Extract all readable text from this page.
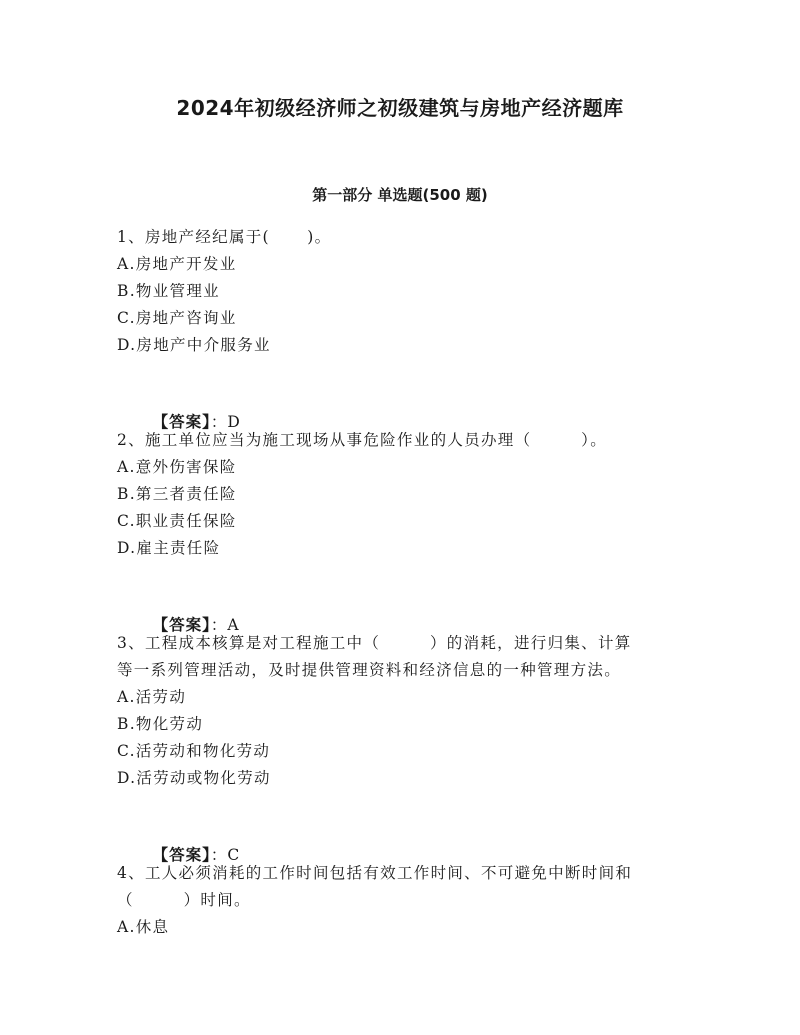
2024年初级经济师之初级建筑与房地产经济题库
第一部分 单选题(500 题)
1、房地产经纪属于(      )。
A.房地产开发业
B.物业管理业
C.房地产咨询业
D.房地产中介服务业

【答案】：D

2、施工单位应当为施工现场从事危险作业的人员办理（        ）。
A.意外伤害保险
B.第三者责任险
C.职业责任保险
D.雇主责任险

【答案】：A

3、工程成本核算是对工程施工中（        ）的消耗，进行归集、计算
等一系列管理活动，及时提供管理资料和经济信息的一种管理方法。
A.活劳动
B.物化劳动
C.活劳动和物化劳动
D.活劳动或物化劳动

【答案】：C

4、工人必须消耗的工作时间包括有效工作时间、不可避免中断时间和
（        ）时间。
A.休息
